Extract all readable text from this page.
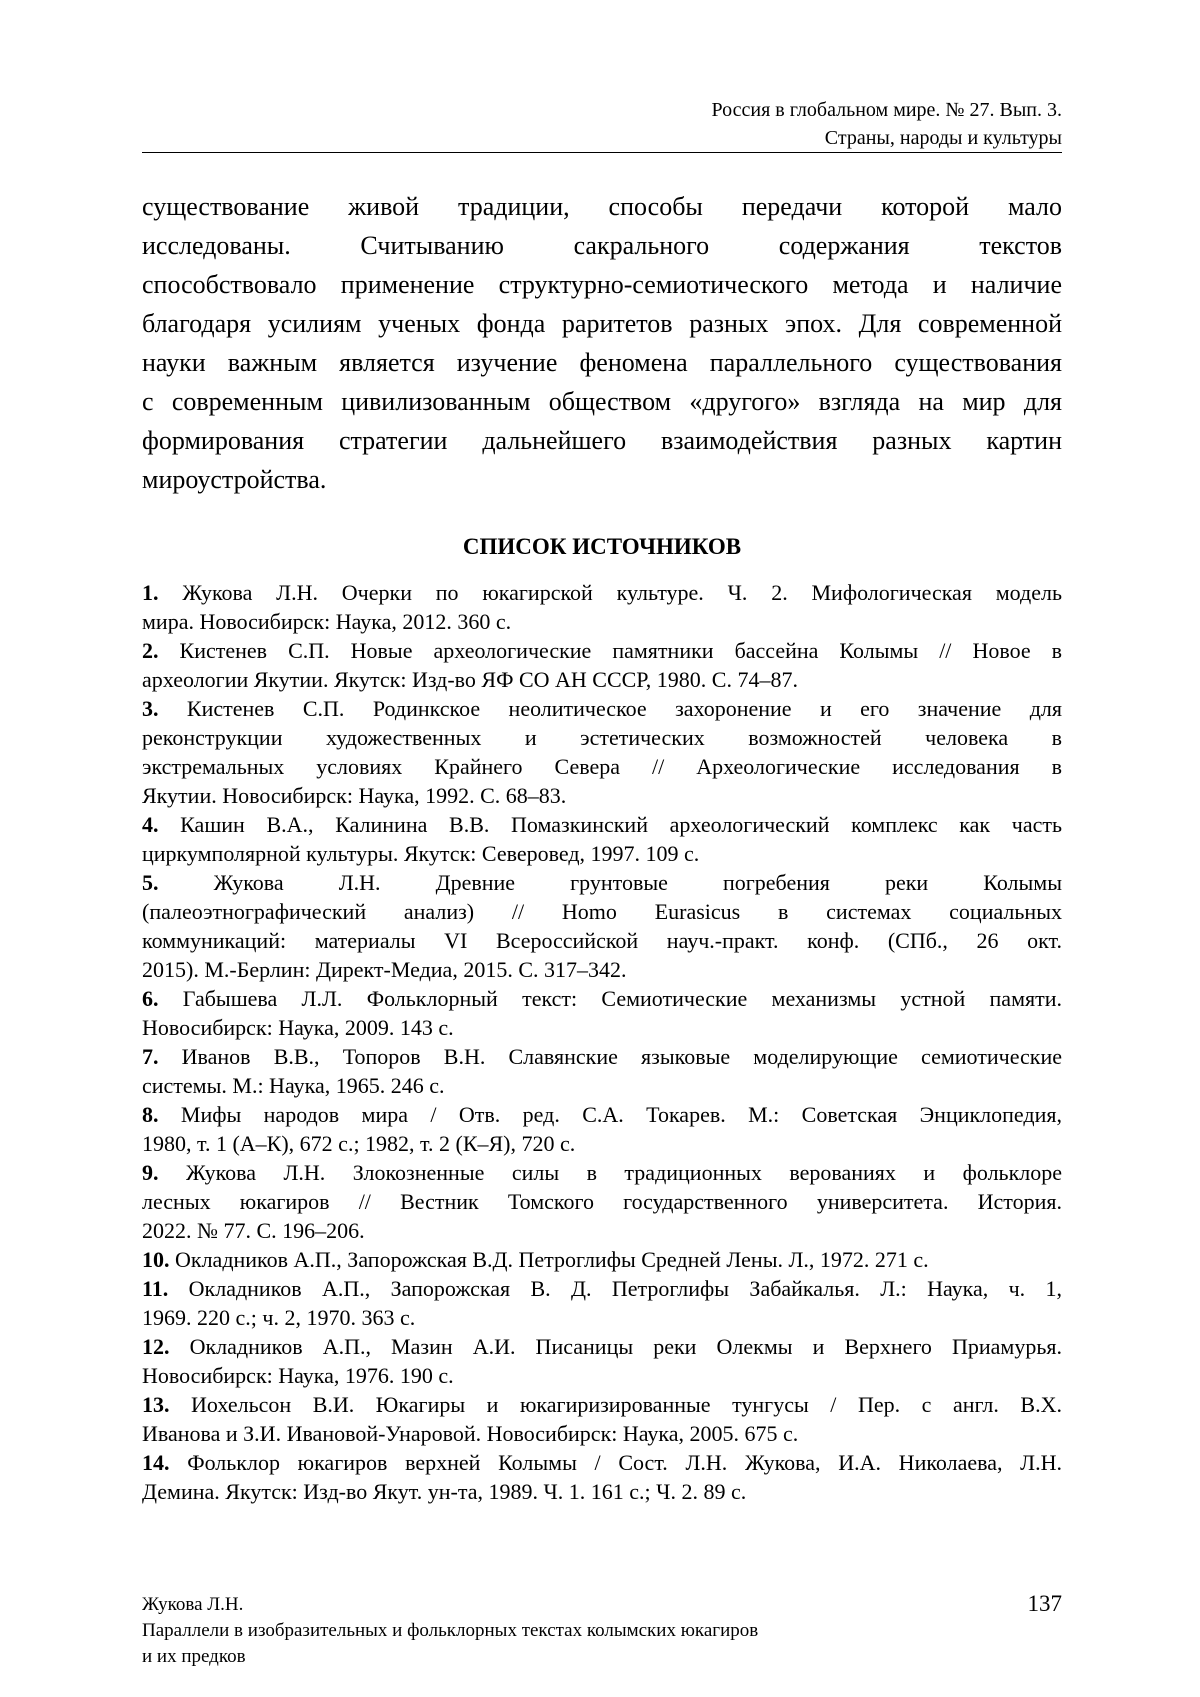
Россия в глобальном мире. № 27. Вып. 3.
Страны, народы и культуры
существование живой традиции, способы передачи которой мало
исследованы. Считыванию сакрального содержания текстов
способствовало применение структурно-семиотического метода и наличие
благодаря усилиям ученых фонда раритетов разных эпох. Для современной
науки важным является изучение феномена параллельного существования
с современным цивилизованным обществом «другого» взгляда на мир для
формирования стратегии дальнейшего взаимодействия разных картин
мироустройства.
СПИСОК ИСТОЧНИКОВ
1. Жукова Л.Н. Очерки по юкагирской культуре. Ч. 2. Мифологическая модель
мира. Новосибирск: Наука, 2012. 360 с.
2. Кистенев С.П. Новые археологические памятники бассейна Колымы // Новое в
археологии Якутии. Якутск: Изд-во ЯФ СО АН СССР, 1980. С. 74–87.
3. Кистенев С.П. Родинкское неолитическое захоронение и его значение для
реконструкции художественных и эстетических возможностей человека в
экстремальных условиях Крайнего Севера // Археологические исследования в
Якутии. Новосибирск: Наука, 1992. С. 68–83.
4. Кашин В.А., Калинина В.В. Помазкинский археологический комплекс как часть
циркумполярной культуры. Якутск: Северовед, 1997. 109 с.
5.	Жукова Л.Н. Древние грунтовые погребения реки Колымы
(палеоэтнографический анализ) // Homo Eurasicus в системах социальных
коммуникаций: материалы VI Всероссийской науч.-практ. конф. (СПб., 26 окт.
2015). М.-Берлин: Директ-Медиа, 2015. С. 317–342.
6. Габышева Л.Л. Фольклорный текст: Семиотические механизмы устной памяти.
Новосибирск: Наука, 2009. 143 с.
7. Иванов В.В., Топоров В.Н. Славянские языковые моделирующие семиотические
системы. М.: Наука, 1965. 246 с.
8. Мифы народов мира / Отв. ред. С.А. Токарев. М.: Советская Энциклопедия,
1980, т. 1 (А–К), 672 с.; 1982, т. 2 (К–Я), 720 с.
9. Жукова Л.Н. Злокозненные силы в традиционных верованиях и фольклоре
лесных юкагиров // Вестник Томского государственного университета. История.
2022. № 77. С. 196–206.
10. Окладников А.П., Запорожская В.Д. Петроглифы Средней Лены. Л., 1972. 271 с.
11. Окладников А.П., Запорожская В. Д. Петроглифы Забайкалья. Л.: Наука, ч. 1,
1969. 220 с.; ч. 2, 1970. 363 с.
12. Окладников А.П., Мазин А.И. Писаницы реки Олекмы и Верхнего Приамурья.
Новосибирск: Наука, 1976. 190 с.
13. Иохельсон В.И. Юкагиры и юкагиризированные тунгусы / Пер. с англ. В.Х.
Иванова и З.И. Ивановой-Унаровой. Новосибирск: Наука, 2005. 675 с.
14. Фольклор юкагиров верхней Колымы / Сост. Л.Н. Жукова, И.А. Николаева, Л.Н.
Демина. Якутск: Изд-во Якут. ун-та, 1989. Ч. 1. 161 с.; Ч. 2. 89 с.
Жукова Л.Н.
Параллели в изобразительных и фольклорных текстах колымских юкагиров
и их предков
137
